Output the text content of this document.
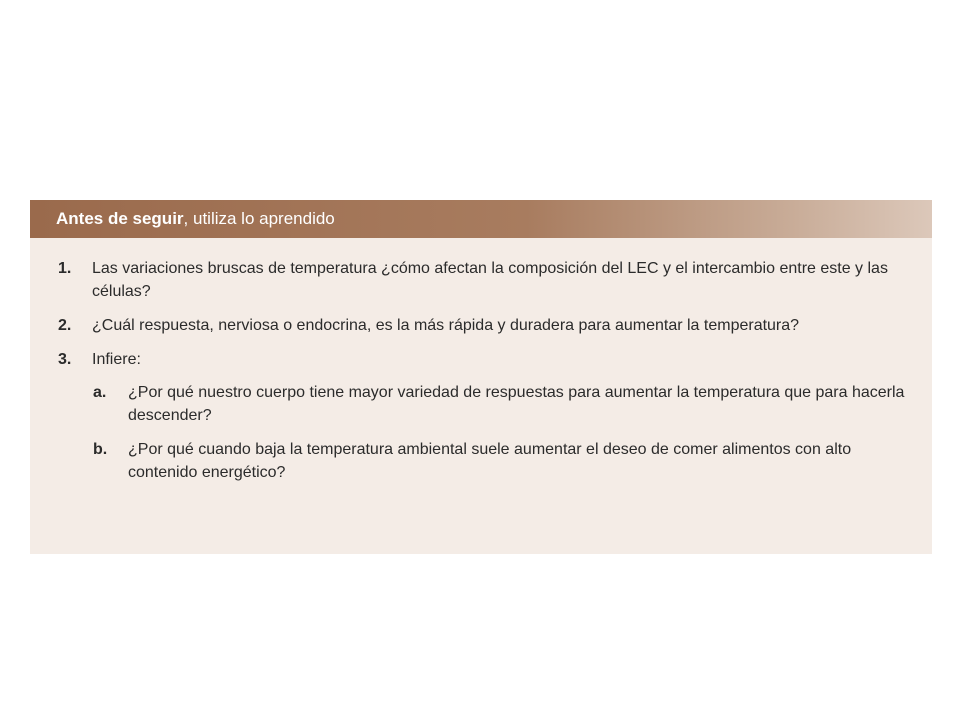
Antes de seguir, utiliza lo aprendido
1. Las variaciones bruscas de temperatura ¿cómo afectan la composición del LEC y el intercambio entre este y las células?
2. ¿Cuál respuesta, nerviosa o endocrina, es la más rápida y duradera para aumentar la temperatura?
3. Infiere:
a. ¿Por qué nuestro cuerpo tiene mayor variedad de respuestas para aumentar la temperatura que para hacerla descender?
b. ¿Por qué cuando baja la temperatura ambiental suele aumentar el deseo de comer alimentos con alto contenido energético?
